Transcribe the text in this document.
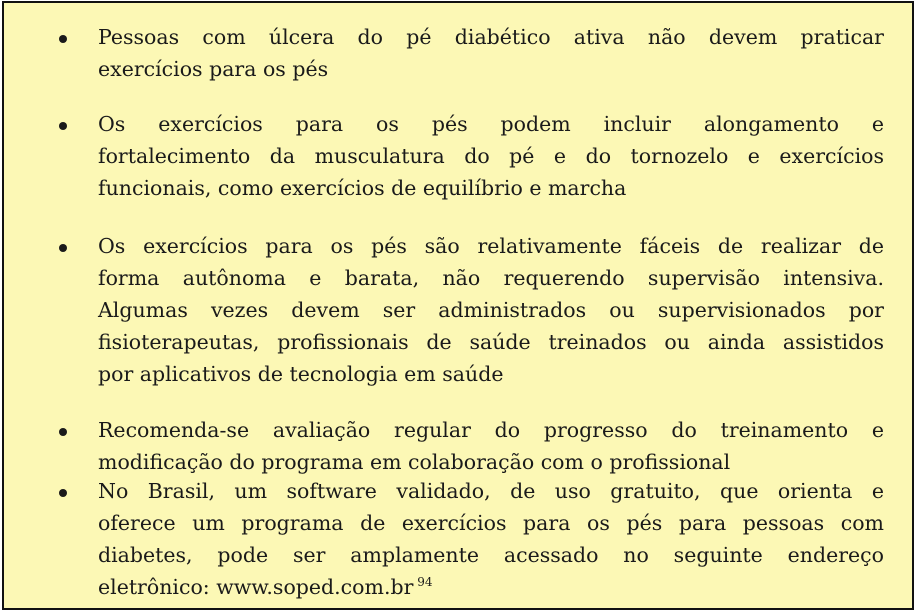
Pessoas com úlcera do pé diabético ativa não devem praticar
exercícios para os pés
Os exercícios para os pés podem incluir alongamento e
fortalecimento da musculatura do pé e do tornozelo e exercícios
funcionais, como exercícios de equilíbrio e marcha
Os exercícios para os pés são relativamente fáceis de realizar de
forma autônoma e barata, não requerendo supervisão intensiva.
Algumas vezes devem ser administrados ou supervisionados por
fisioterapeutas, profissionais de saúde treinados ou ainda assistidos
por aplicativos de tecnologia em saúde
Recomenda-se avaliação regular do progresso do treinamento e
modificação do programa em colaboração com o profissional
No Brasil, um software validado, de uso gratuito, que orienta e
oferece um programa de exercícios para os pés para pessoas com
diabetes, pode ser amplamente acessado no seguinte endereço
eletrônico: www.soped.com.br $^{94}$
